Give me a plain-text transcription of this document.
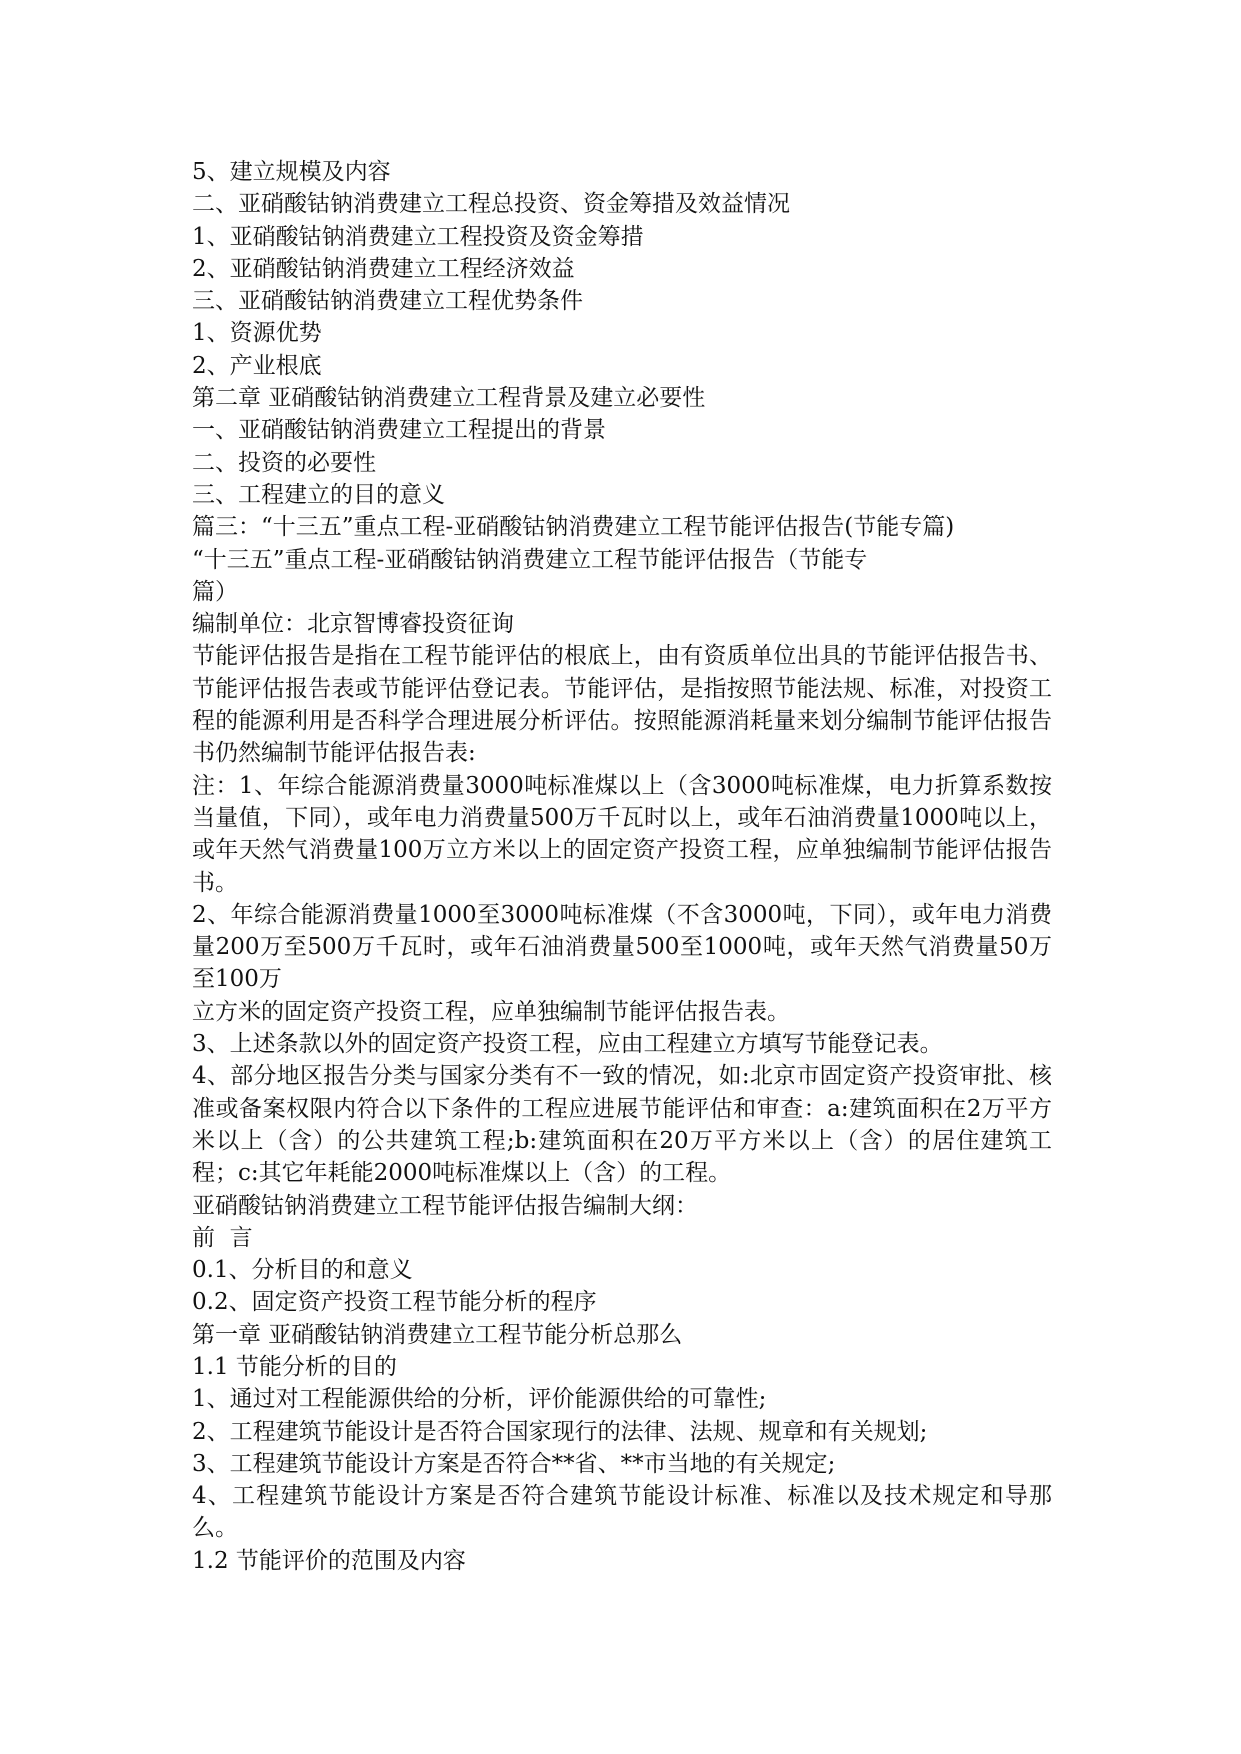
5、建立规模及内容
二、亚硝酸钴钠消费建立工程总投资、资金筹措及效益情况
1、亚硝酸钴钠消费建立工程投资及资金筹措
2、亚硝酸钴钠消费建立工程经济效益
三、亚硝酸钴钠消费建立工程优势条件
1、资源优势
2、产业根底
第二章 亚硝酸钴钠消费建立工程背景及建立必要性
一、亚硝酸钴钠消费建立工程提出的背景
二、投资的必要性
三、工程建立的目的意义
篇三：“十三五”重点工程-亚硝酸钴钠消费建立工程节能评估报告(节能专篇)
“十三五”重点工程-亚硝酸钴钠消费建立工程节能评估报告（节能专
篇）
编制单位：北京智博睿投资征询

节能评估报告是指在工程节能评估的根底上，由有资质单位出具的节能评估报告书、节能评估报告表或节能评估登记表。节能评估，是指按照节能法规、标准，对投资工程的能源利用是否科学合理进展分析评估。按照能源消耗量来划分编制节能评估报告书仍然编制节能评估报告表:

注：1、年综合能源消费量3000吨标准煤以上（含3000吨标准煤，电力折算系数按当量值，下同），或年电力消费量500万千瓦时以上，或年石油消费量1000吨以上，或年天然气消费量100万立方米以上的固定资产投资工程，应单独编制节能评估报告书。

2、年综合能源消费量1000至3000吨标准煤（不含3000吨，下同），或年电力消费量200万至500万千瓦时，或年石油消费量500至1000吨，或年天然气消费量50万至100万

立方米的固定资产投资工程，应单独编制节能评估报告表。

3、上述条款以外的固定资产投资工程，应由工程建立方填写节能登记表。

4、部分地区报告分类与国家分类有不一致的情况，如:北京市固定资产投资审批、核准或备案权限内符合以下条件的工程应进展节能评估和审查：a:建筑面积在2万平方米以上（含）的公共建筑工程;b:建筑面积在20万平方米以上（含）的居住建筑工程；c:其它年耗能2000吨标准煤以上（含）的工程。

亚硝酸钴钠消费建立工程节能评估报告编制大纲：

前  言

0.1、分析目的和意义

0.2、固定资产投资工程节能分析的程序

第一章 亚硝酸钴钠消费建立工程节能分析总那么

1.1 节能分析的目的

1、通过对工程能源供给的分析，评价能源供给的可靠性;

2、工程建筑节能设计是否符合国家现行的法律、法规、规章和有关规划;

3、工程建筑节能设计方案是否符合**省、**市当地的有关规定;

4、工程建筑节能设计方案是否符合建筑节能设计标准、标准以及技术规定和导那么。

1.2 节能评价的范围及内容
